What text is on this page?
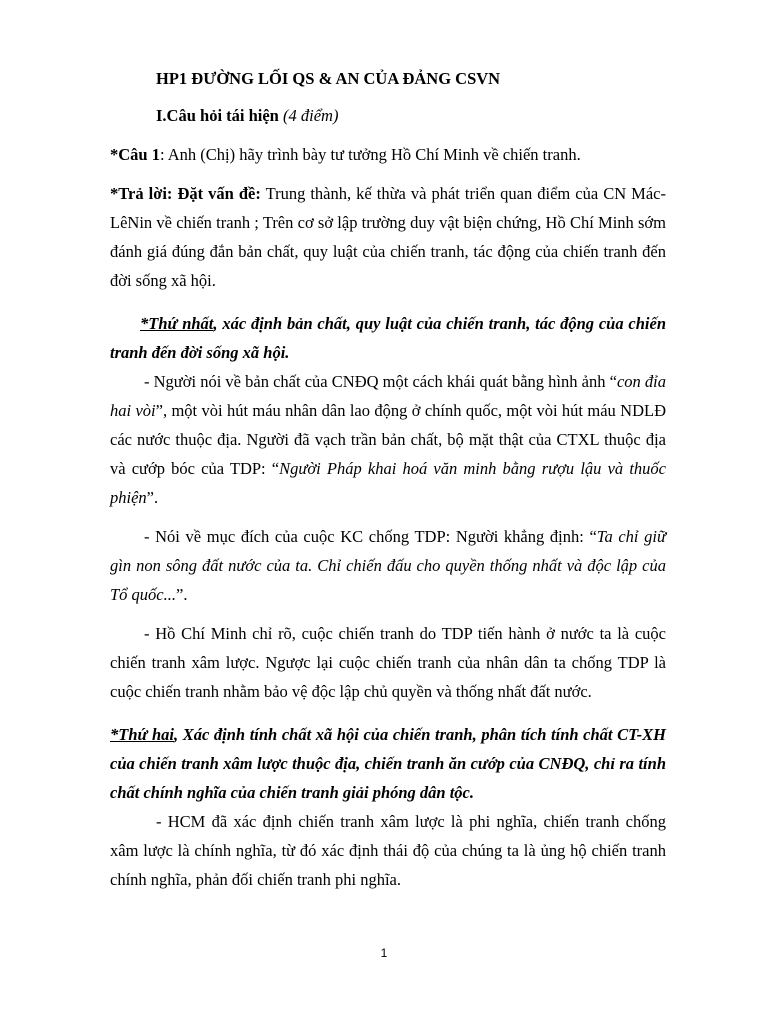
HP1 ĐƯỜNG LỐI QS & AN CỦA ĐẢNG CSVN

I.Câu hỏi tái hiện (4 điểm)

*Câu 1: Anh (Chị) hãy trình bày tư tưởng Hồ Chí Minh về chiến tranh.

*Trả lời: Đặt vấn đề: Trung thành, kế thừa và phát triển quan điểm của CN Mác-LêNin về chiến tranh ; Trên cơ sở lập trường duy vật biện chứng, Hồ Chí Minh sớm đánh giá đúng đắn bản chất, quy luật của chiến tranh, tác động của chiến tranh đến đời sống xã hội.

*Thứ nhất, xác định bản chất, quy luật của chiến tranh, tác động của chiến tranh đến đời sống xã hội.

- Người nói về bản chất của CNĐQ một cách khái quát bằng hình ảnh “con đỉa hai vòi”, một vòi hút máu nhân dân lao động ở chính quốc, một vòi hút máu NDLĐ các nước thuộc địa. Người đã vạch trần bản chất, bộ mặt thật của CTXL thuộc địa và cướp bóc của TDP: “Người Pháp khai hoá văn minh bằng rượu lậu và thuốc phiện”.

- Nói về mục đích của cuộc KC chống TDP: Người khẳng định: “Ta chỉ giữ gìn non sông đất nước của ta. Chỉ chiến đấu cho quyền thống nhất và độc lập của Tổ quốc...”.

- Hồ Chí Minh chỉ rõ, cuộc chiến tranh do TDP tiến hành ở nước ta là cuộc chiến tranh xâm lược. Ngược lại cuộc chiến tranh của nhân dân ta chống TDP là cuộc chiến tranh nhằm bảo vệ độc lập chủ quyền và thống nhất đất nước.

*Thứ hai, Xác định tính chất xã hội của chiến tranh, phân tích tính chất CT-XH của chiến tranh xâm lược thuộc địa, chiến tranh ăn cướp của CNĐQ, chỉ ra tính chất chính nghĩa của chiến tranh giải phóng dân tộc.

- HCM đã xác định chiến tranh xâm lược là phi nghĩa, chiến tranh chống xâm lược là chính nghĩa, từ đó xác định thái độ của chúng ta là ủng hộ chiến tranh chính nghĩa, phản đối chiến tranh phi nghĩa.

1
